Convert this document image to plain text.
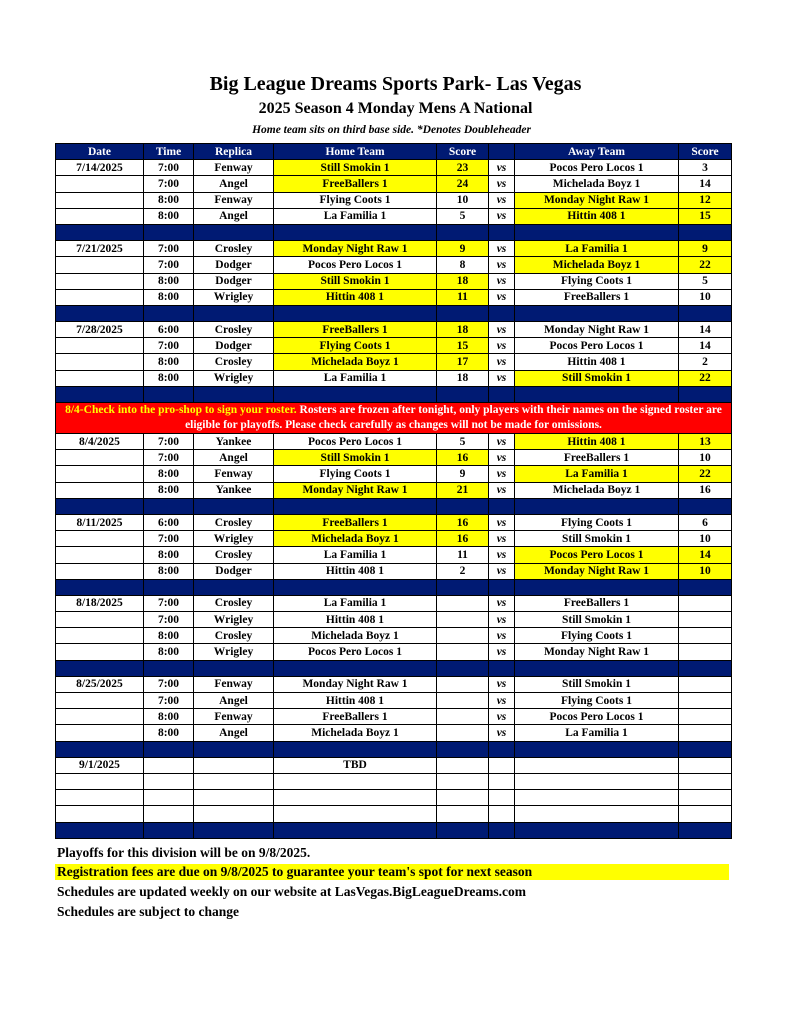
Big League Dreams Sports Park- Las Vegas
2025 Season 4 Monday Mens A National
Home team sits on third base side. *Denotes Doubleheader
Date	Time	Replica	Home Team	Score		Away Team	Score
7/14/2025	7:00	Fenway	Still Smokin 1	23	vs	Pocos Pero Locos 1	3
	7:00	Angel	FreeBallers 1	24	vs	Michelada Boyz 1	14
	8:00	Fenway	Flying Coots 1	10	vs	Monday Night Raw 1	12
	8:00	Angel	La Familia 1	5	vs	Hittin 408 1	15

7/21/2025	7:00	Crosley	Monday Night Raw 1	9	vs	La Familia 1	9
	7:00	Dodger	Pocos Pero Locos 1	8	vs	Michelada Boyz 1	22
	8:00	Dodger	Still Smokin 1	18	vs	Flying Coots 1	5
	8:00	Wrigley	Hittin 408 1	11	vs	FreeBallers 1	10

7/28/2025	6:00	Crosley	FreeBallers 1	18	vs	Monday Night Raw 1	14
	7:00	Dodger	Flying Coots 1	15	vs	Pocos Pero Locos 1	14
	8:00	Crosley	Michelada Boyz 1	17	vs	Hittin 408 1	2
	8:00	Wrigley	La Familia 1	18	vs	Still Smokin 1	22

8/4-Check into the pro-shop to sign your roster. Rosters are frozen after tonight, only players with their names on the signed roster are eligible for playoffs. Please check carefully as changes will not be made for omissions.							
8/4/2025	7:00	Yankee	Pocos Pero Locos 1	5	vs	Hittin 408 1	13
	7:00	Angel	Still Smokin 1	16	vs	FreeBallers 1	10
	8:00	Fenway	Flying Coots 1	9	vs	La Familia 1	22
	8:00	Yankee	Monday Night Raw 1	21	vs	Michelada Boyz 1	16

8/11/2025	6:00	Crosley	FreeBallers 1	16	vs	Flying Coots 1	6
	7:00	Wrigley	Michelada Boyz 1	16	vs	Still Smokin 1	10
	8:00	Crosley	La Familia 1	11	vs	Pocos Pero Locos 1	14
	8:00	Dodger	Hittin 408 1	2	vs	Monday Night Raw 1	10

8/18/2025	7:00	Crosley	La Familia 1		vs	FreeBallers 1	
	7:00	Wrigley	Hittin 408 1		vs	Still Smokin 1	
	8:00	Crosley	Michelada Boyz 1		vs	Flying Coots 1	
	8:00	Wrigley	Pocos Pero Locos 1		vs	Monday Night Raw 1	

8/25/2025	7:00	Fenway	Monday Night Raw 1		vs	Still Smokin 1	
	7:00	Angel	Hittin 408 1		vs	Flying Coots 1	
	8:00	Fenway	FreeBallers 1		vs	Pocos Pero Locos 1	
	8:00	Angel	Michelada Boyz 1		vs	La Familia 1	

9/1/2025			TBD				

Playoffs for this division will be on 9/8/2025.
Registration fees are due on 9/8/2025 to guarantee your team's spot for next season
Schedules are updated weekly on our website at LasVegas.BigLeagueDreams.com
Schedules are subject to change
